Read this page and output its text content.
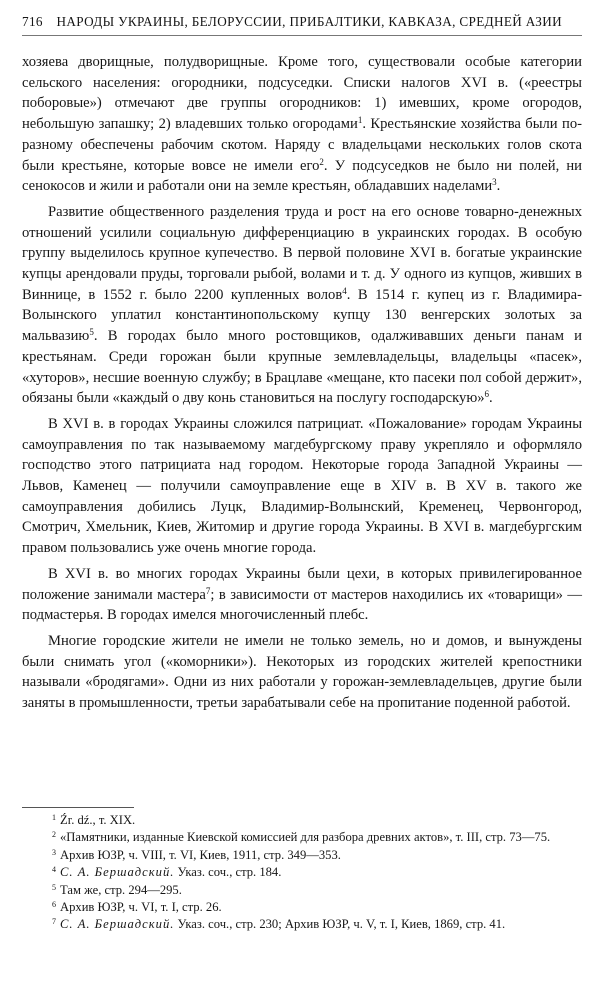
716 НАРОДЫ УКРАИНЫ, БЕЛОРУССИИ, ПРИБАЛТИКИ, КАВКАЗА, СРЕДНЕЙ АЗИИ

хозяева дворищные, полудворищные. Кроме того, существовали особые категории сельского населения: огородники, подсуседки. Списки налогов XVI в. («реестры поборовые») отмечают две группы огородников: 1) имевших, кроме огородов, небольшую запашку; 2) владевших только огородами$^1$. Крестьянские хозяйства были по-разному обеспечены рабочим скотом. Наряду с владельцами нескольких голов скота были крестьяне, которые вовсе не имели его$^2$. У подсуседков не было ни полей, ни сенокосов и жили и работали они на земле крестьян, обладавших наделами$^3$.

Развитие общественного разделения труда и рост на его основе товарно-денежных отношений усилили социальную дифференциацию в украинских городах. В особую группу выделилось крупное купечество. В первой половине XVI в. богатые украинские купцы арендовали пруды, торговали рыбой, волами и т. д. У одного из купцов, живших в Виннице, в 1552 г. было 2200 купленных волов$^4$. В 1514 г. купец из г. Владимира-Волынского уплатил константинопольскому купцу 130 венгерских золотых за мальвазию$^5$. В городах было много ростовщиков, одалживавших деньги панам и крестьянам. Среди горожан были крупные землевладельцы, владельцы «пасек», «хуторов», несшие военную службу; в Брацлаве «мещане, кто пасеки пол собой держит», обязаны были «каждый о дву конь становиться на послугу господарскую»$^6$.

В XVI в. в городах Украины сложился патрициат. «Пожалование» городам Украины самоуправления по так называемому магдебургскому праву укрепляло и оформляло господство этого патрициата над городом. Некоторые города Западной Украины — Львов, Каменец — получили самоуправление еще в XIV в. В XV в. такого же самоуправления добились Луцк, Владимир-Волынский, Кременец, Червонгород, Смотрич, Хмельник, Киев, Житомир и другие города Украины. В XVI в. магдебургским правом пользовались уже очень многие города.

В XVI в. во многих городах Украины были цехи, в которых привилегированное положение занимали мастера$^7$; в зависимости от мастеров находились их «товарищи» — подмастерья. В городах имелся многочисленный плебс.

Многие городские жители не имели не только земель, но и домов, и вынуждены были снимать угол («коморники»). Некоторых из городских жителей крепостники называли «бродягами». Одни из них работали у горожан-землевладельцев, другие были заняты в промышленности, третьи зарабатывали себе на пропитание поденной работой.

$^1$ Źr. dź., т. XIX.

$^2$ «Памятники, изданные Киевской комиссией для разбора древних актов», т. III, стр. 73—75.

$^3$ Архив ЮЗР, ч. VIII, т. VI, Киев, 1911, стр. 349—353.

$^4$ С. А. Бершадский. Указ. соч., стр. 184.

$^5$ Там же, стр. 294—295.

$^6$ Архив ЮЗР, ч. VI, т. I, стр. 26.

$^7$ С. А. Бершадский. Указ. соч., стр. 230; Архив ЮЗР, ч. V, т. I, Киев, 1869, стр. 41.
